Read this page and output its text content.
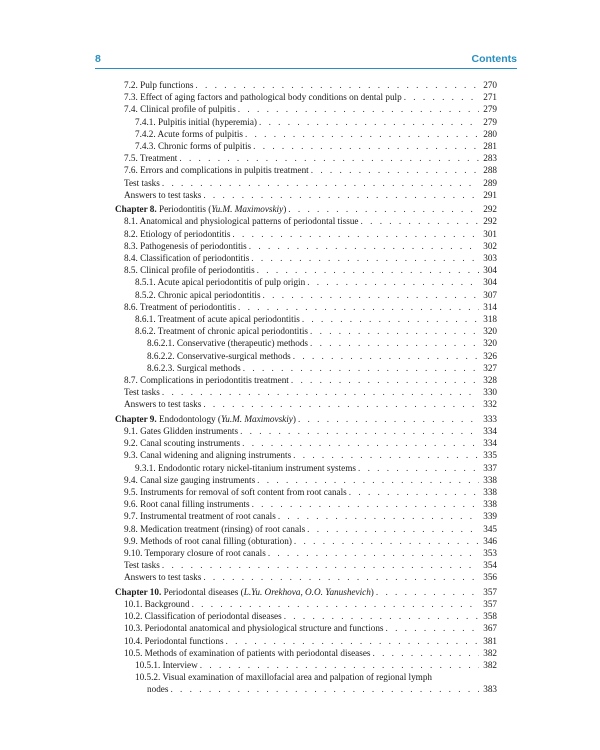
8	Contents
7.2. Pulp functions . . .	270
7.3. Effect of aging factors and pathological body conditions on dental pulp . . .	271
7.4. Clinical profile of pulpitis . . .	279
7.4.1. Pulpitis initial (hyperemia) . . .	279
7.4.2. Acute forms of pulpitis . . .	280
7.4.3. Chronic forms of pulpitis . . .	281
7.5. Treatment . . .	283
7.6. Errors and complications in pulpitis treatment . . .	288
Test tasks . . .	289
Answers to test tasks . . .	291
Chapter 8. Periodontitis (Yu.M. Maximovskiy) . . .	292
8.1. Anatomical and physiological patterns of periodontal tissue . . .	292
8.2. Etiology of periodontitis . . .	301
8.3. Pathogenesis of periodontitis . . .	302
8.4. Classification of periodontitis . . .	303
8.5. Clinical profile of periodontitis . . .	304
8.5.1. Acute apical periodontitis of pulp origin . . .	304
8.5.2. Chronic apical periodontitis . . .	307
8.6. Treatment of periodontitis . . .	314
8.6.1. Treatment of acute apical periodontitis . . .	318
8.6.2. Treatment of chronic apical periodontitis . . .	320
8.6.2.1. Conservative (therapeutic) methods . . .	320
8.6.2.2. Conservative-surgical methods . . .	326
8.6.2.3. Surgical methods . . .	327
8.7. Complications in periodontitis treatment . . .	328
Test tasks . . .	330
Answers to test tasks . . .	332
Chapter 9. Endodontology (Yu.M. Maximovskiy) . . .	333
9.1. Gates Glidden instruments . . .	334
9.2. Canal scouting instruments . . .	334
9.3. Canal widening and aligning instruments . . .	335
9.3.1. Endodontic rotary nickel-titanium instrument systems . . .	337
9.4. Canal size gauging instruments . . .	338
9.5. Instruments for removal of soft content from root canals . . .	338
9.6. Root canal filling instruments . . .	338
9.7. Instrumental treatment of root canals . . .	339
9.8. Medication treatment (rinsing) of root canals . . .	345
9.9. Methods of root canal filling (obturation) . . .	346
9.10. Temporary closure of root canals . . .	353
Test tasks . . .	354
Answers to test tasks . . .	356
Chapter 10. Periodontal diseases (L.Yu. Orekhova, O.O. Yanushevich) . . .	357
10.1. Background . . .	357
10.2. Classification of periodontal diseases . . .	358
10.3. Periodontal anatomical and physiological structure and functions . . .	367
10.4. Periodontal functions . . .	381
10.5. Methods of examination of patients with periodontal diseases . . .	382
10.5.1. Interview . . .	382
10.5.2. Visual examination of maxillofacial area and palpation of regional lymph
nodes . . .	383
